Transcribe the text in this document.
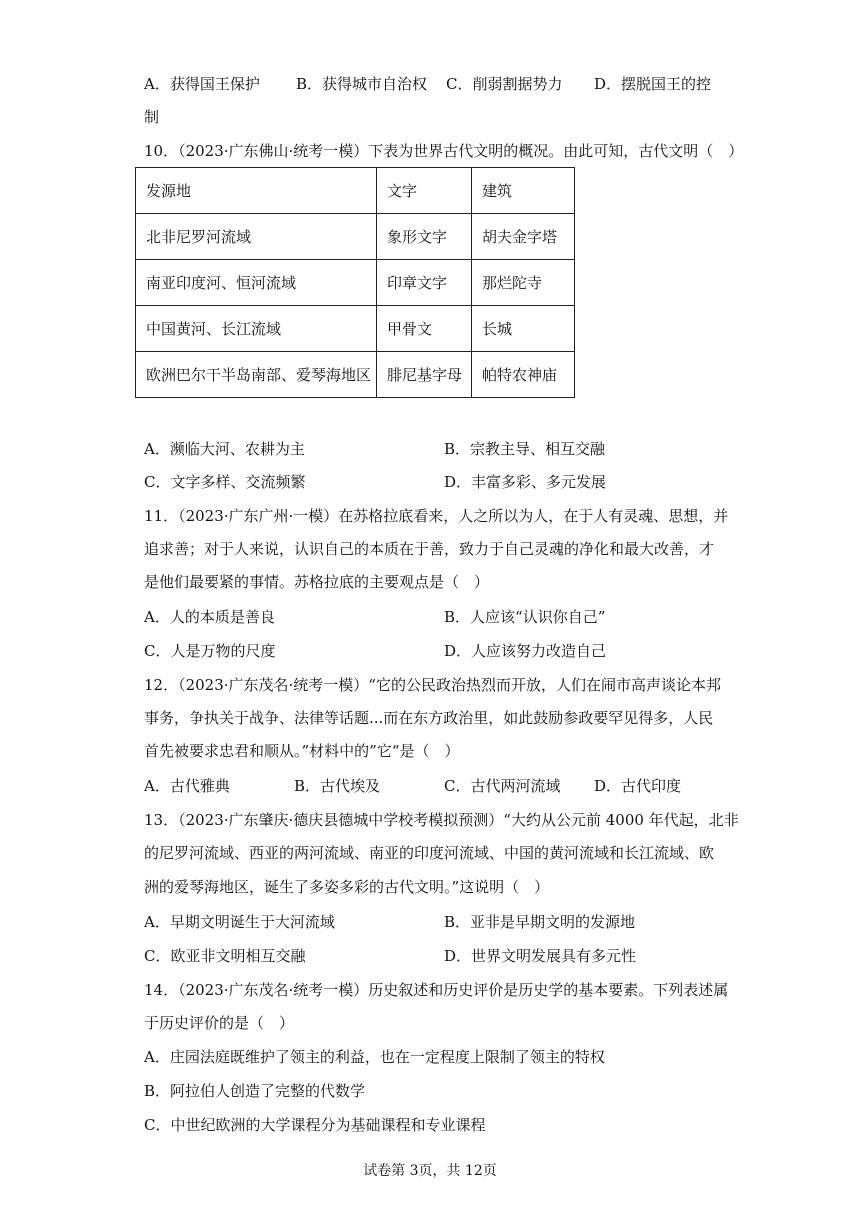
A．获得国王保护 B．获得城市自治权 C．削弱割据势力 D．摆脱国王的控
制
10．（2023·广东佛山·统考一模）下表为世界古代文明的概况。由此可知，古代文明（　）
发源地	文字	建筑
北非尼罗河流域	象形文字	胡夫金字塔
南亚印度河、恒河流域	印章文字	那烂陀寺
中国黄河、长江流域	甲骨文	长城
欧洲巴尔干半岛南部、爱琴海地区	腓尼基字母	帕特农神庙
A．濒临大河、农耕为主	B．宗教主导、相互交融
C．文字多样、交流频繁	D．丰富多彩、多元发展
11．（2023·广东广州·一模）在苏格拉底看来，人之所以为人，在于人有灵魂、思想，并
追求善；对于人来说，认识自己的本质在于善，致力于自己灵魂的净化和最大改善，才
是他们最要紧的事情。苏格拉底的主要观点是（　）
A．人的本质是善良	B．人应该“认识你自己”
C．人是万物的尺度	D．人应该努力改造自己
12．（2023·广东茂名·统考一模）“它的公民政治热烈而开放，人们在闹市高声谈论本邦
事务，争执关于战争、法律等话题...而在东方政治里，如此鼓励参政要罕见得多，人民
首先被要求忠君和顺从。”材料中的”它“是（　）
A．古代雅典	B．古代埃及	C．古代两河流域 D．古代印度
13．（2023·广东肇庆·德庆县德城中学校考模拟预测）“大约从公元前 4000 年代起，北非
的尼罗河流域、西亚的两河流域、南亚的印度河流域、中国的黄河流域和长江流域、欧
洲的爱琴海地区，诞生了多姿多彩的古代文明。”这说明（　）
A．早期文明诞生于大河流域	B．亚非是早期文明的发源地
C．欧亚非文明相互交融	D．世界文明发展具有多元性
14．（2023·广东茂名·统考一模）历史叙述和历史评价是历史学的基本要素。下列表述属
于历史评价的是（　）
A．庄园法庭既维护了领主的利益，也在一定程度上限制了领主的特权
B．阿拉伯人创造了完整的代数学
C．中世纪欧洲的大学课程分为基础课程和专业课程
试卷第 3页，共 12页
